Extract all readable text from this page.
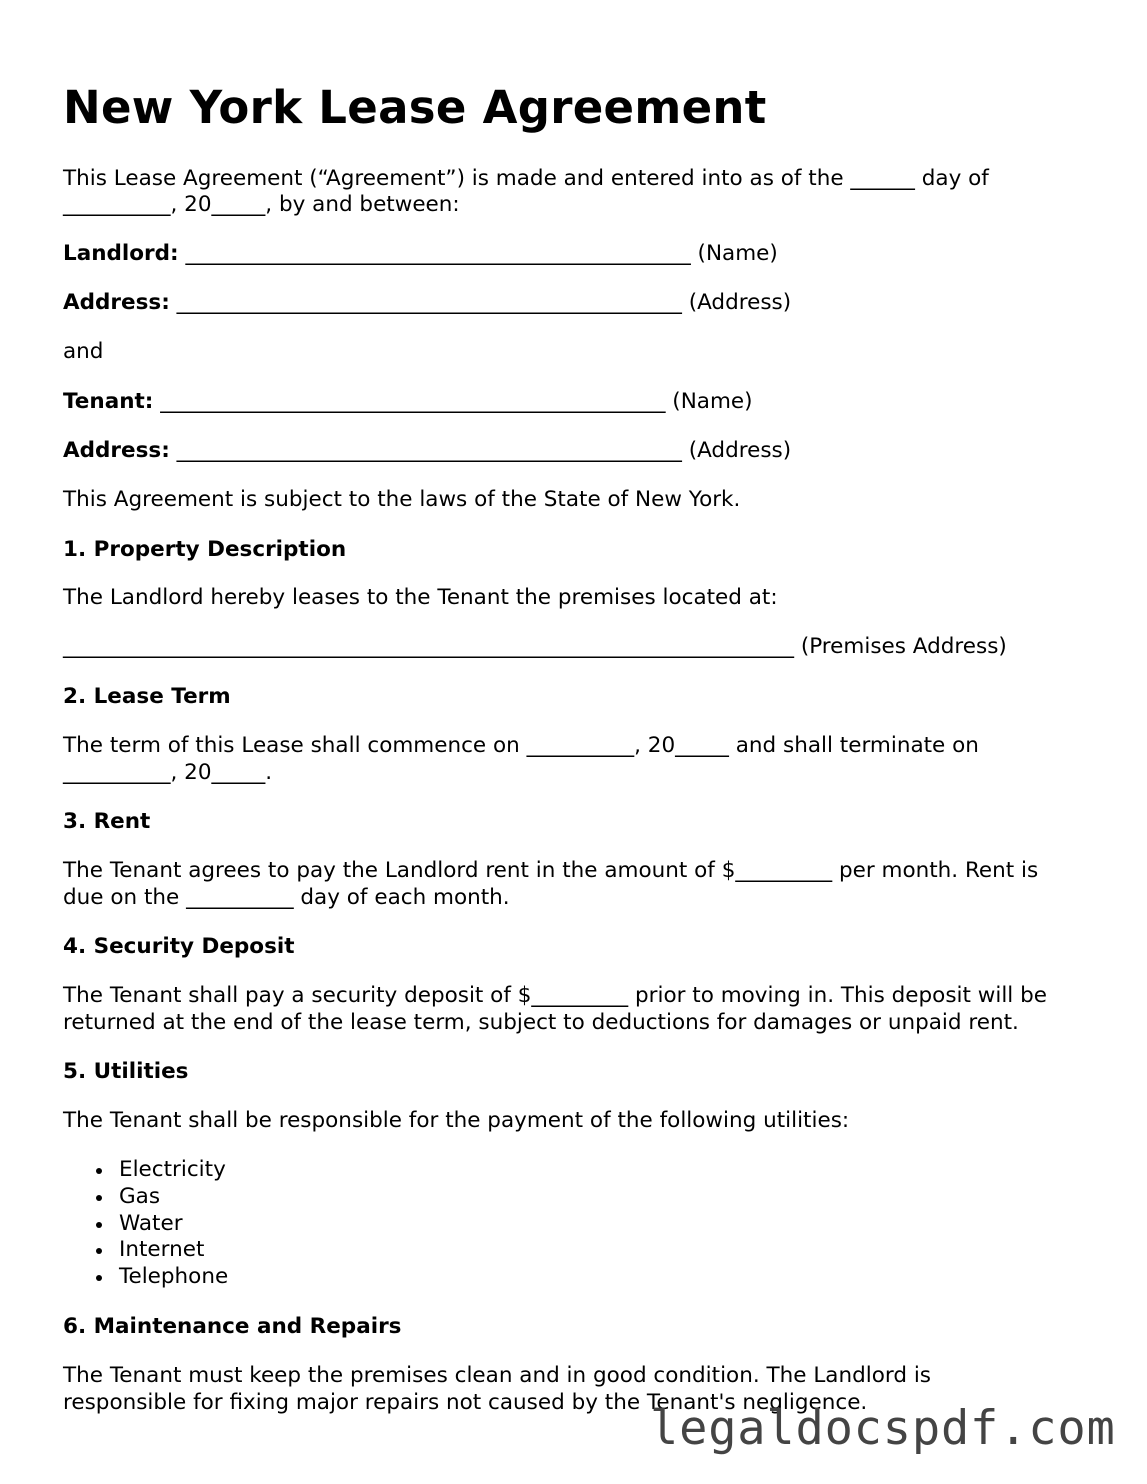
New York Lease Agreement

This Lease Agreement (“Agreement”) is made and entered into as of the ______ day of

__________, 20_____, by and between:

Landlord: _______________________________________________ (Name)

Address: _______________________________________________ (Address)

and

Tenant: _______________________________________________ (Name)

Address: _______________________________________________ (Address)

This Agreement is subject to the laws of the State of New York.

1. Property Description

The Landlord hereby leases to the Tenant the premises located at:

____________________________________________________________________ (Premises Address)

2. Lease Term

The term of this Lease shall commence on __________, 20_____ and shall terminate on

__________, 20_____.

3. Rent

The Tenant agrees to pay the Landlord rent in the amount of $_________ per month. Rent is

due on the __________ day of each month.

4. Security Deposit

The Tenant shall pay a security deposit of $_________ prior to moving in. This deposit will be

returned at the end of the lease term, subject to deductions for damages or unpaid rent.

5. Utilities

The Tenant shall be responsible for the payment of the following utilities:

Electricity
Gas
Water
Internet
Telephone

6. Maintenance and Repairs

The Tenant must keep the premises clean and in good condition. The Landlord is

responsible for fixing major repairs not caused by the Tenant's negligence.

legaldocspdf.com
